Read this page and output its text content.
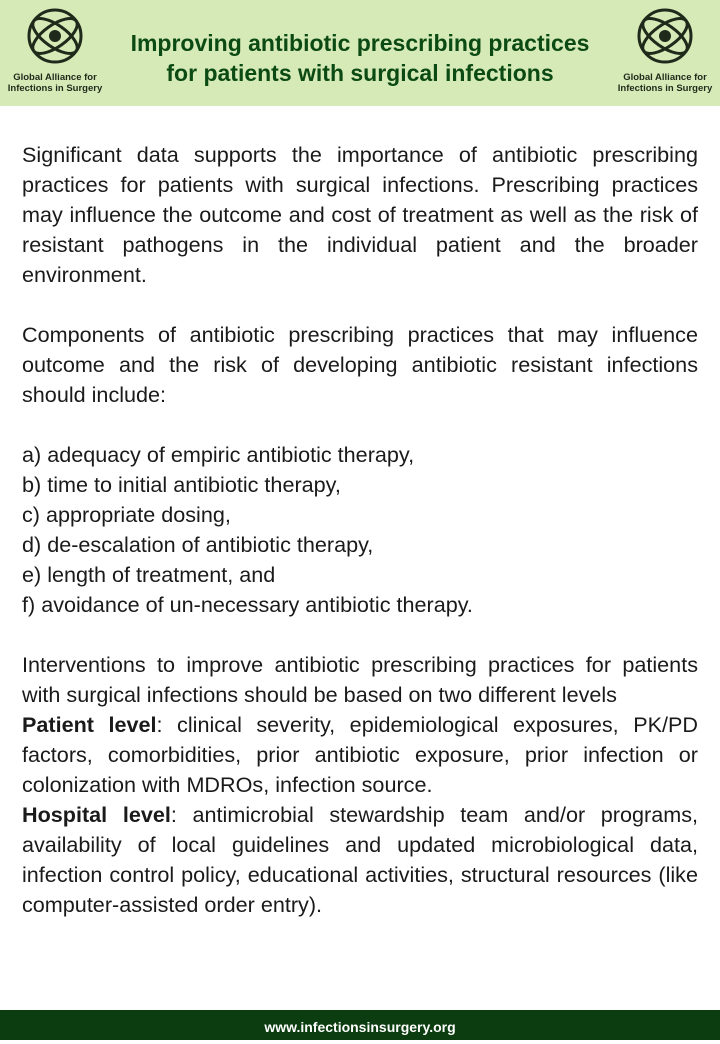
Global Alliance for
Infections in Surgery
Improving antibiotic prescribing practices
for patients with surgical infections	Global Alliance for
Infections in Surgery

Significant data supports the importance of antibiotic prescribing practices for patients with surgical infections. Prescribing practices may influence the outcome and cost of treatment as well as the risk of resistant pathogens in the individual patient and the broader environment.

Components of antibiotic prescribing practices that may influence outcome and the risk of developing antibiotic resistant infections should include:

a) adequacy of empiric antibiotic therapy,
b) time to initial antibiotic therapy,
c) appropriate dosing,
d) de-escalation of antibiotic therapy,
e) length of treatment, and
f) avoidance of un-necessary antibiotic therapy.

Interventions to improve antibiotic prescribing practices for patients with surgical infections should be based on two different levels

Patient level: clinical severity, epidemiological exposures, PK/PD factors, comorbidities, prior antibiotic exposure, prior infection or colonization with MDROs, infection source.

Hospital level: antimicrobial stewardship team and/or programs, availability of local guidelines and updated microbiological data, infection control policy, educational activities, structural resources (like computer-assisted order entry).

www.infectionsinsurgery.org
